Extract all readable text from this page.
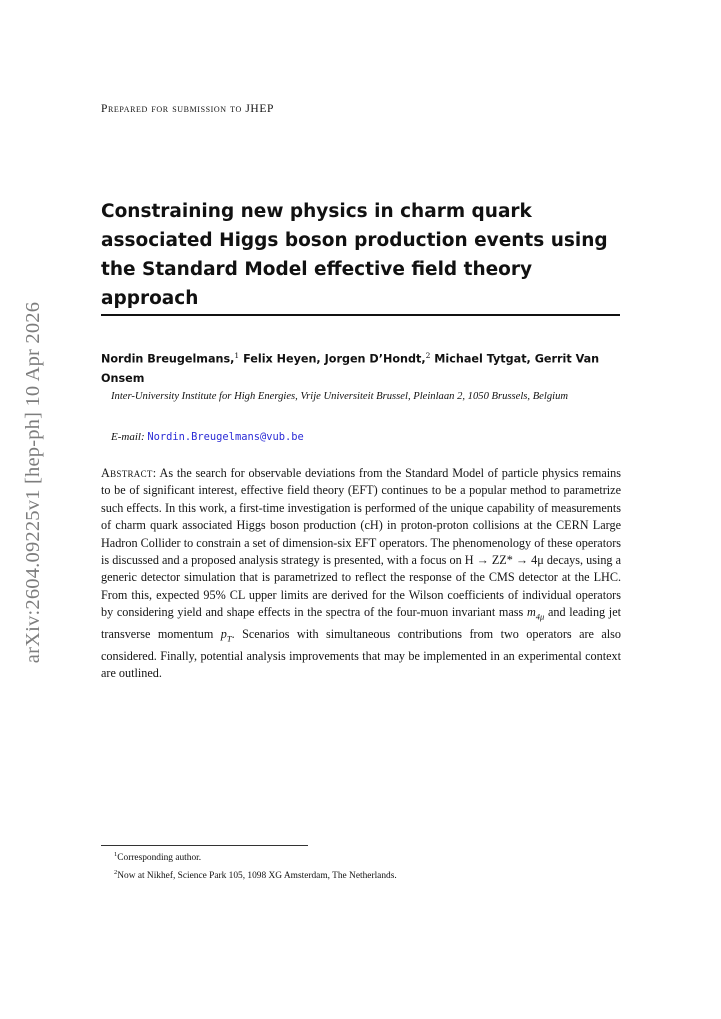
arXiv:2604.09225v1 [hep-ph] 10 Apr 2026
Prepared for submission to JHEP
Constraining new physics in charm quark associated Higgs boson production events using the Standard Model effective field theory approach
Nordin Breugelmans,$^1$ Felix Heyen, Jorgen D’Hondt,$^2$ Michael Tytgat, Gerrit Van Onsem
Inter-University Institute for High Energies, Vrije Universiteit Brussel, Pleinlaan 2, 1050 Brussels, Belgium
E-mail: Nordin.Breugelmans@vub.be
Abstract: As the search for observable deviations from the Standard Model of particle physics remains to be of significant interest, effective field theory (EFT) continues to be a popular method to parametrize such effects. In this work, a first-time investigation is performed of the unique capability of measurements of charm quark associated Higgs boson production (cH) in proton-proton collisions at the CERN Large Hadron Collider to constrain a set of dimension-six EFT operators. The phenomenology of these operators is discussed and a proposed analysis strategy is presented, with a focus on H → ZZ* → 4μ decays, using a generic detector simulation that is parametrized to reflect the response of the CMS detector at the LHC. From this, expected 95% CL upper limits are derived for the Wilson coefficients of individual operators by considering yield and shape effects in the spectra of the four-muon invariant mass $m_{4\mu}$ and leading jet transverse momentum $p_T$. Scenarios with simultaneous contributions from two operators are also considered. Finally, potential analysis improvements that may be implemented in an experimental context are outlined.
$^1$Corresponding author.
$^2$Now at Nikhef, Science Park 105, 1098 XG Amsterdam, The Netherlands.
